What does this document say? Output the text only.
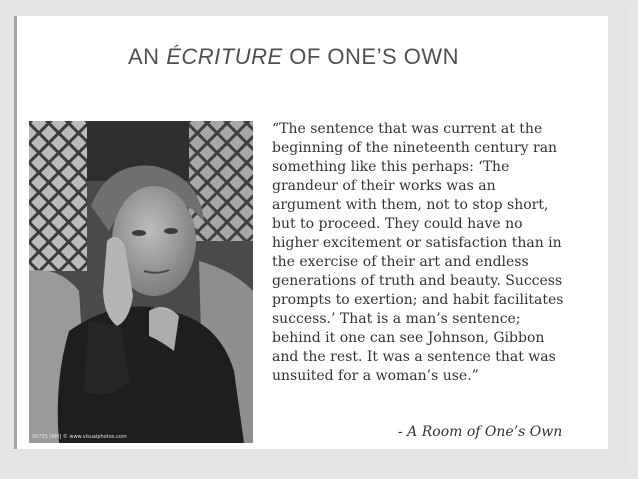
AN ÉCRITURE OF ONE’S OWN
06735 [RM] © www.visualphotos.com
“The sentence that was current at the
beginning of the nineteenth century ran
something like this perhaps: ‘The
grandeur of their works was an
argument with them, not to stop short,
but to proceed. They could have no
higher excitement or satisfaction than in
the exercise of their art and endless
generations of truth and beauty. Success
prompts to exertion; and habit facilitates
success.’ That is a man’s sentence;
behind it one can see Johnson, Gibbon
and the rest. It was a sentence that was
unsuited for a woman’s use.”
- A Room of One’s Own
